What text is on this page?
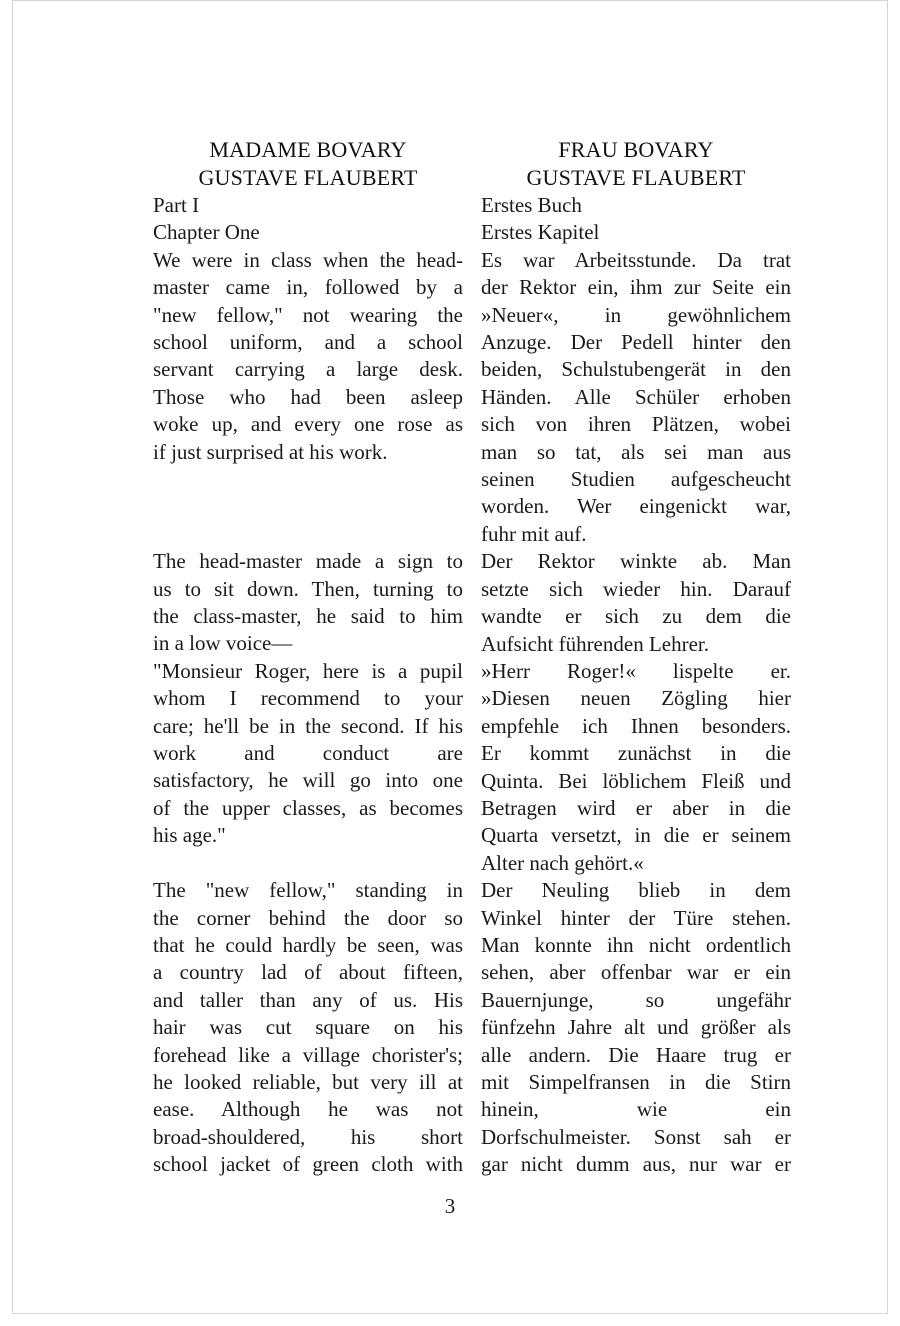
MADAME BOVARY
GUSTAVE FLAUBERT
Part I
Chapter One
We were in class when the head-
master came in, followed by a
"new fellow," not wearing the
school uniform, and a school
servant carrying a large desk.
Those who had been asleep
woke up, and every one rose as
if just surprised at his work.
The head-master made a sign to
us to sit down. Then, turning to
the class-master, he said to him
in a low voice—
"Monsieur Roger, here is a pupil
whom I recommend to your
care; he'll be in the second. If his
work and conduct are
satisfactory, he will go into one
of the upper classes, as becomes
his age."
The "new fellow," standing in
the corner behind the door so
that he could hardly be seen, was
a country lad of about fifteen,
and taller than any of us. His
hair was cut square on his
forehead like a village chorister's;
he looked reliable, but very ill at
ease. Although he was not
broad-shouldered, his short
school jacket of green cloth with
FRAU BOVARY
GUSTAVE FLAUBERT
Erstes Buch
Erstes Kapitel
Es war Arbeitsstunde. Da trat
der Rektor ein, ihm zur Seite ein
»Neuer«, in gewöhnlichem
Anzuge. Der Pedell hinter den
beiden, Schulstubengerät in den
Händen. Alle Schüler erhoben
sich von ihren Plätzen, wobei
man so tat, als sei man aus
seinen Studien aufgescheucht
worden. Wer eingenickt war,
fuhr mit auf.
Der Rektor winkte ab. Man
setzte sich wieder hin. Darauf
wandte er sich zu dem die
Aufsicht führenden Lehrer.
»Herr Roger!« lispelte er.
»Diesen neuen Zögling hier
empfehle ich Ihnen besonders.
Er kommt zunächst in die
Quinta. Bei löblichem Fleiß und
Betragen wird er aber in die
Quarta versetzt, in die er seinem
Alter nach gehört.«
Der Neuling blieb in dem
Winkel hinter der Türe stehen.
Man konnte ihn nicht ordentlich
sehen, aber offenbar war er ein
Bauernjunge, so ungefähr
fünfzehn Jahre alt und größer als
alle andern. Die Haare trug er
mit Simpelfransen in die Stirn
hinein, wie ein
Dorfschulmeister. Sonst sah er
gar nicht dumm aus, nur war er
3
